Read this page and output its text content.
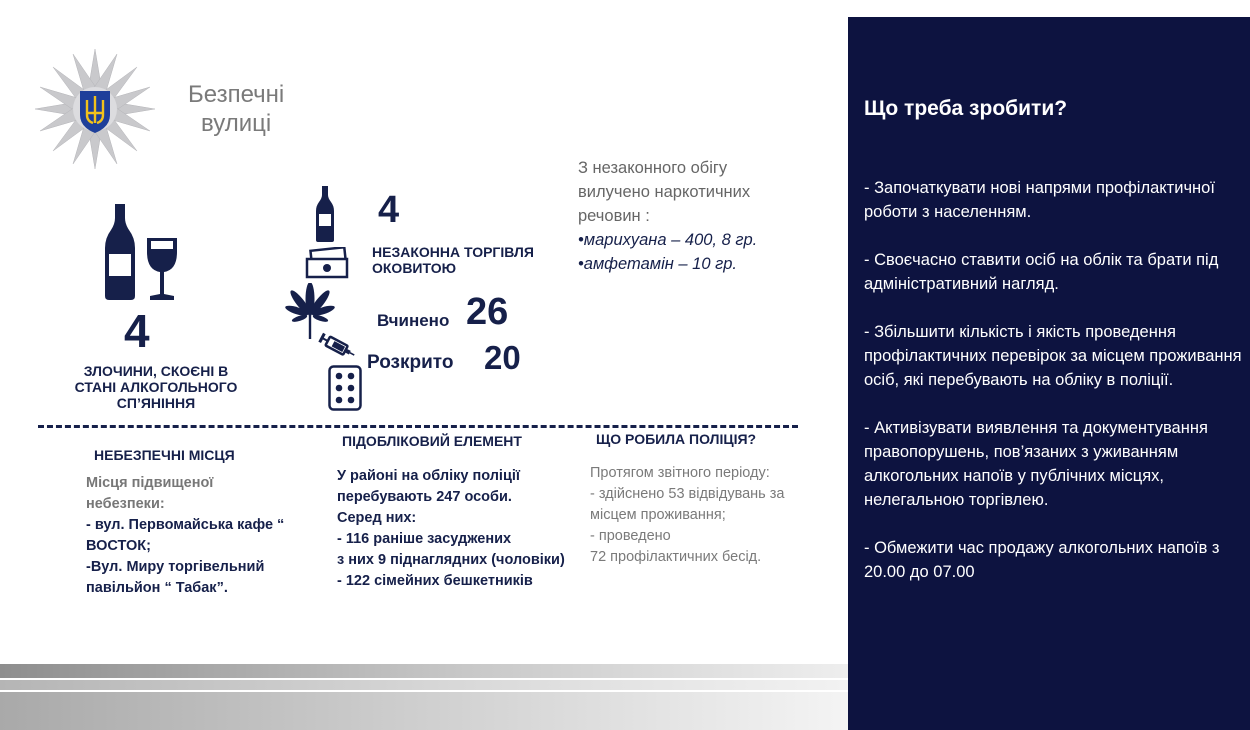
Безпечні
вулиці
4
ЗЛОЧИНИ, СКОЄНІ В
СТАНІ АЛКОГОЛЬНОГО
СП’ЯНІННЯ
4
НЕЗАКОННА ТОРГІВЛЯ
ОКОВИТОЮ
Вчинено 26
Розкрито 20
З незаконного обігу
вилучено наркотичних
речовин :
•марихуана – 400, 8 гр.
•амфетамін – 10 гр.
НЕБЕЗПЕЧНІ МІСЦЯ
Місця підвищеної
небезпеки:
- вул. Первомайська кафе “
ВОСТОК;
-Вул. Миру торгівельний
павільйон “ Табак”.
ПІДОБЛІКОВИЙ ЕЛЕМЕНТ
У районі на обліку поліції
перебувають 247 особи.
Серед них:
- 116 раніше засуджених
з них 9 піднаглядних (чоловіки)
- 122 сімейних бешкетників
ЩО РОБИЛА ПОЛІЦІЯ?
Протягом звітного періоду:
- здійснено 53 відвідувань за
місцем проживання;
- проведено
72 профілактичних бесід.
Що треба зробити?

- Започаткувати нові напрями профілактичної роботи з населенням.

- Своєчасно ставити осіб на облік та брати під адміністративний нагляд.

- Збільшити кількість і якість проведення профілактичних перевірок за місцем проживання осіб, які перебувають на обліку в поліції.

- Активізувати виявлення та документування правопорушень, пов’язаних з уживанням алкогольних напоїв у публічних місцях, нелегальною торгівлею.

- Обмежити час продажу алкогольних напоїв з 20.00 до 07.00
